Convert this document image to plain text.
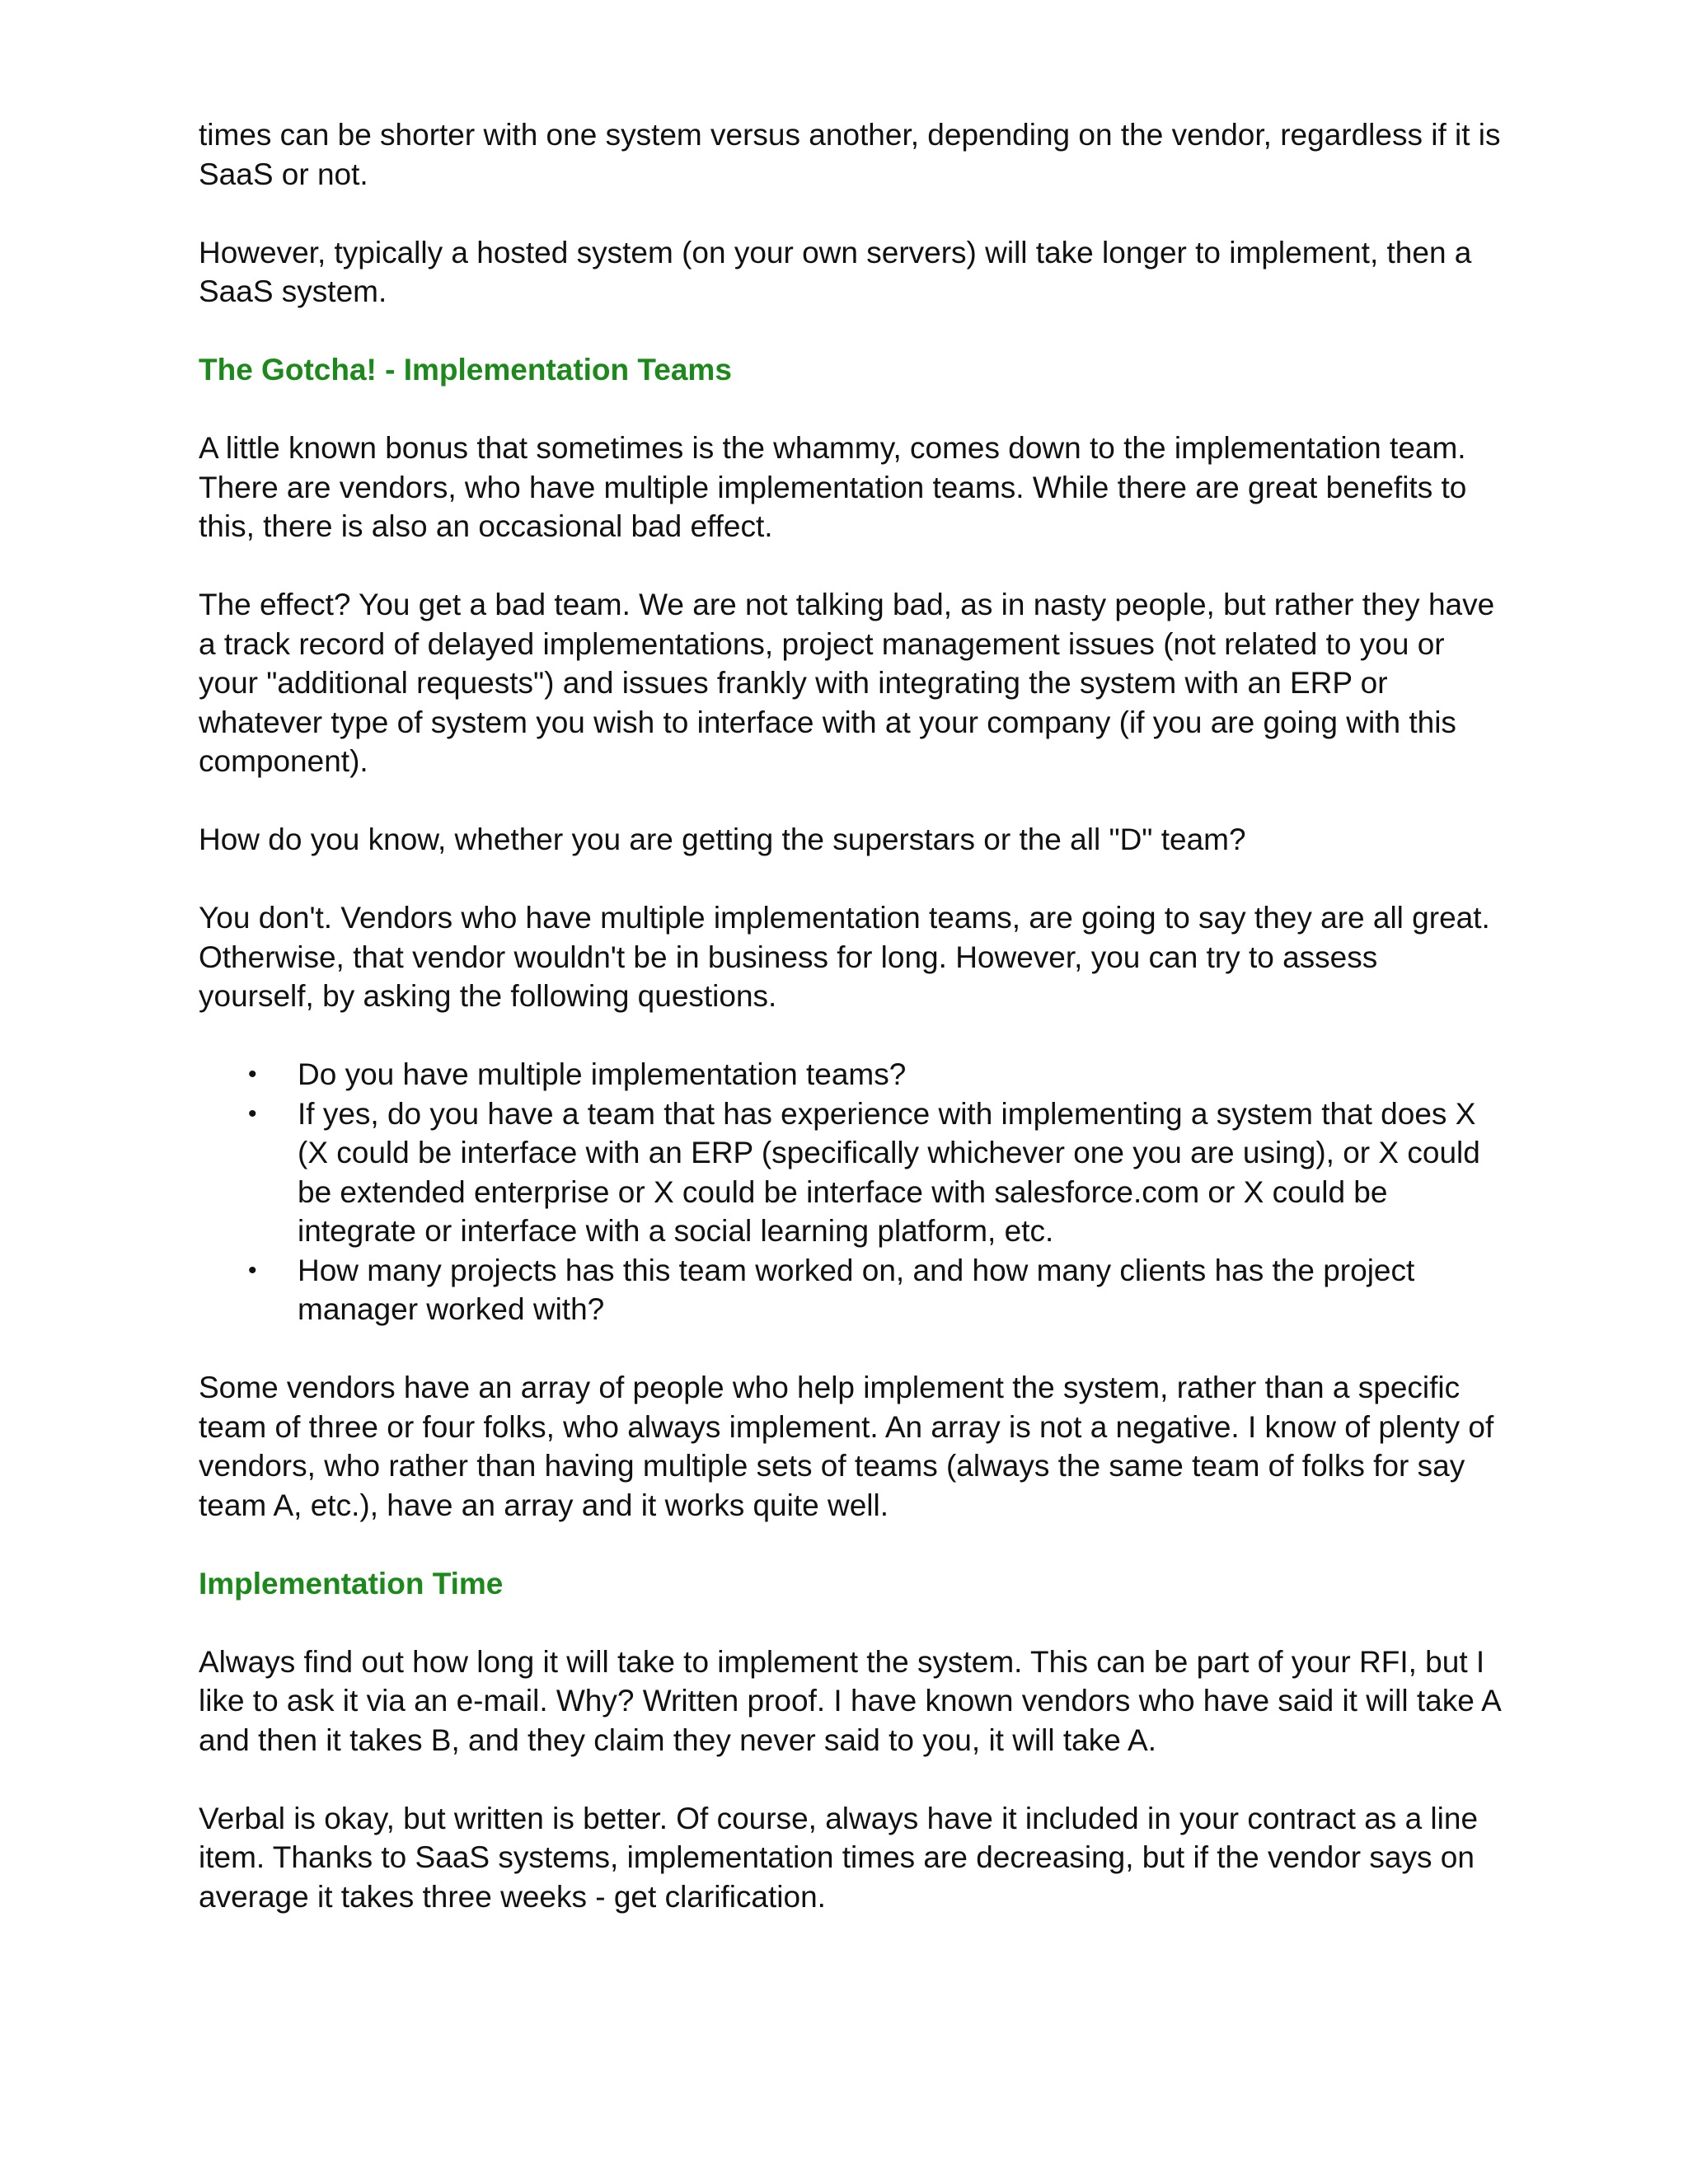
times can be shorter with one system versus another, depending on the vendor, regardless if it is SaaS or not.

However, typically a hosted system (on your own servers) will take longer to implement, then a SaaS system.

The Gotcha! - Implementation Teams

A little known bonus that sometimes is the whammy, comes down to the implementation team. There are vendors, who have multiple implementation teams. While there are great benefits to this, there is also an occasional bad effect.

The effect? You get a bad team. We are not talking bad, as in nasty people, but rather they have a track record of delayed implementations, project management issues (not related to you or your "additional requests") and issues frankly with integrating the system with an ERP or whatever type of system you wish to interface with at your company (if you are going with this component).

How do you know, whether you are getting the superstars or the all "D" team?

You don't. Vendors who have multiple implementation teams, are going to say they are all great. Otherwise, that vendor wouldn't be in business for long. However, you can try to assess yourself, by asking the following questions.

• Do you have multiple implementation teams?
• If yes, do you have a team that has experience with implementing a system that does X (X could be interface with an ERP (specifically whichever one you are using), or X could be extended enterprise or X could be interface with salesforce.com or X could be integrate or interface with a social learning platform, etc.
• How many projects has this team worked on, and how many clients has the project manager worked with?

Some vendors have an array of people who help implement the system, rather than a specific team of three or four folks, who always implement. An array is not a negative. I know of plenty of vendors, who rather than having multiple sets of teams (always the same team of folks for say team A, etc.), have an array and it works quite well.

Implementation Time

Always find out how long it will take to implement the system. This can be part of your RFI, but I like to ask it via an e-mail. Why? Written proof. I have known vendors who have said it will take A and then it takes B, and they claim they never said to you, it will take A.

Verbal is okay, but written is better. Of course, always have it included in your contract as a line item. Thanks to SaaS systems, implementation times are decreasing, but if the vendor says on average it takes three weeks - get clarification.
